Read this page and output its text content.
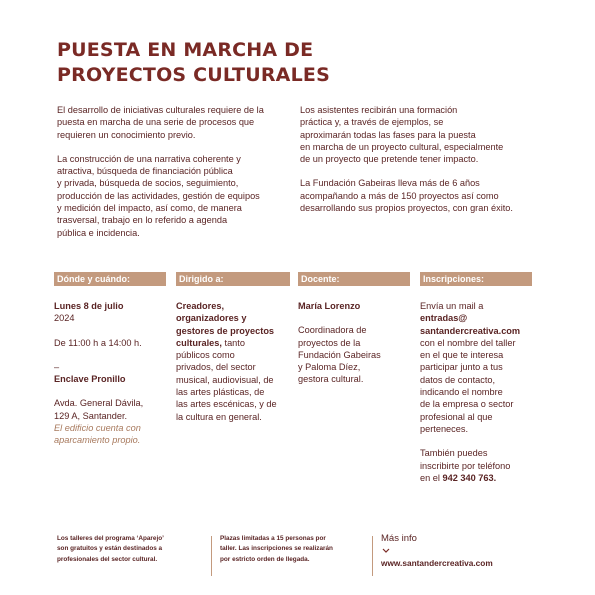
PUESTA EN MARCHA DE
PROYECTOS CULTURALES

El desarrollo de iniciativas culturales requiere de la
puesta en marcha de una serie de procesos que
requieren un conocimiento previo.

La construcción de una narrativa coherente y
atractiva, búsqueda de financiación pública
y privada, búsqueda de socios, seguimiento,
producción de las actividades, gestión de equipos
y medición del impacto, así como, de manera
trasversal, trabajo en lo referido a agenda
pública e incidencia.

Los asistentes recibirán una formación
práctica y, a través de ejemplos, se
aproximarán todas las fases para la puesta
en marcha de un proyecto cultural, especialmente
de un proyecto que pretende tener impacto.

La Fundación Gabeiras lleva más de 6 años
acompañando a más de 150 proyectos así como
desarrollando sus propios proyectos, con gran éxito.

Dónde y cuándo:
Lunes 8 de julio
2024
De 11:00 h a 14:00 h.
–
Enclave Pronillo
Avda. General Dávila,
129 A, Santander.
El edificio cuenta con
aparcamiento propio.
Dirigido a:
Creadores,
organizadores y
gestores de proyectos
culturales, tanto
públicos como
privados, del sector
musical, audiovisual, de
las artes plásticas, de
las artes escénicas, y de
la cultura en general.
Docente:
María Lorenzo
Coordinadora de
proyectos de la
Fundación Gabeiras
y Paloma Díez,
gestora cultural.
Inscripciones:
Envía un mail a
entradas@
santandercreativa.com
con el nombre del taller
en el que te interesa
participar junto a tus
datos de contacto,
indicando el nombre
de la empresa o sector
profesional al que
perteneces.
También puedes
inscribirte por teléfono
en el 942 340 763.
Los talleres del programa ‘Aparejo’
son gratuitos y están destinados a
profesionales del sector cultural.
Plazas limitadas a 15 personas por
taller. Las inscripciones se realizarán
por estricto orden de llegada.
Más info
www.santandercreativa.com
